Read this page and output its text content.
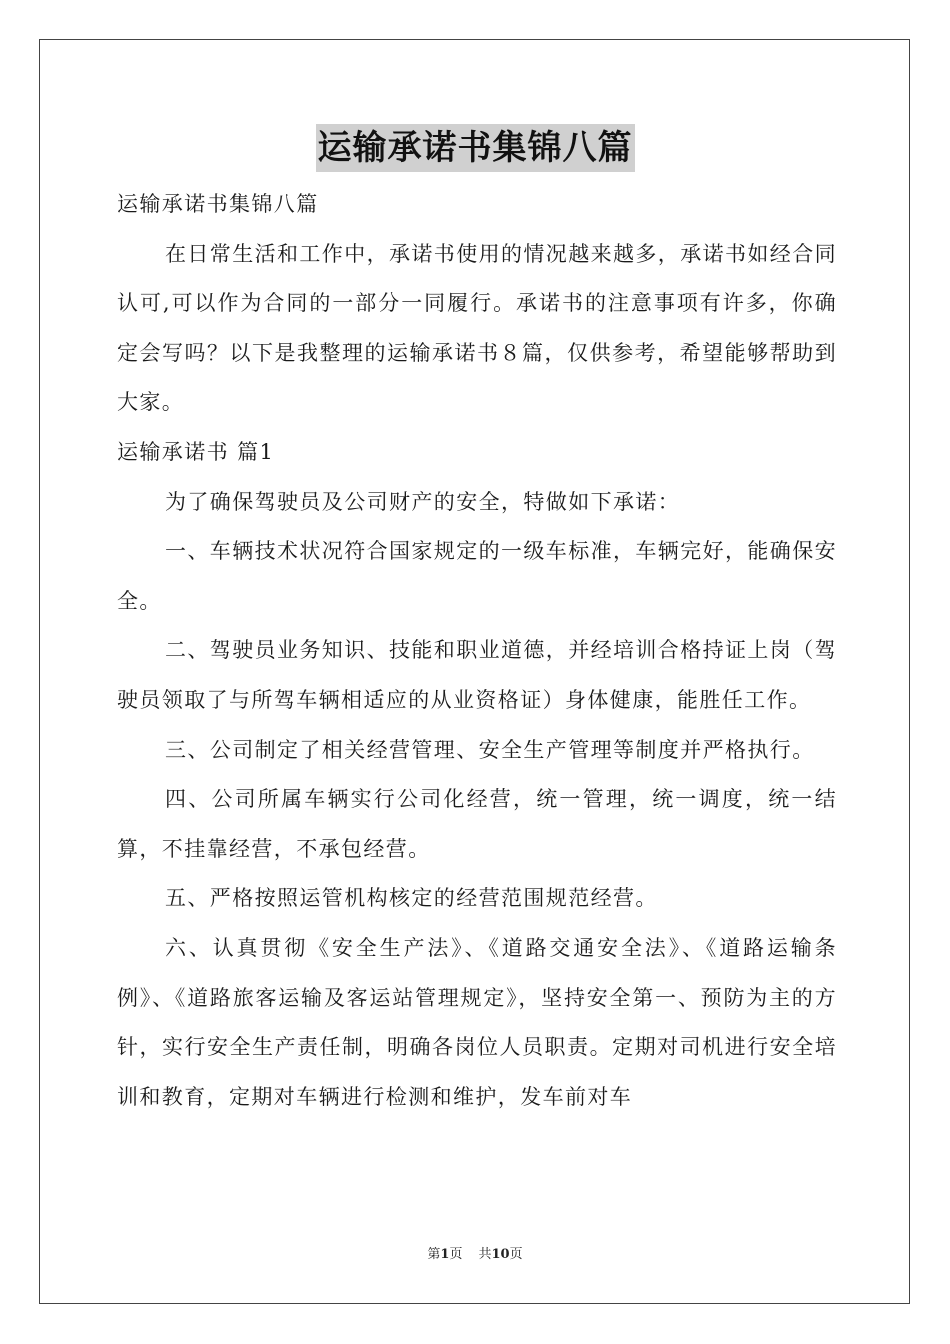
运输承诺书集锦八篇

运输承诺书集锦八篇

在日常生活和工作中，承诺书使用的情况越来越多，承诺书如经合同认可,可以作为合同的一部分一同履行。承诺书的注意事项有许多，你确定会写吗？以下是我整理的运输承诺书８篇，仅供参考，希望能够帮助到大家。

运输承诺书 篇1

为了确保驾驶员及公司财产的安全，特做如下承诺：

一、车辆技术状况符合国家规定的一级车标准，车辆完好，能确保安全。

二、驾驶员业务知识、技能和职业道德，并经培训合格持证上岗（驾驶员领取了与所驾车辆相适应的从业资格证）身体健康，能胜任工作。

三、公司制定了相关经营管理、安全生产管理等制度并严格执行。

四、公司所属车辆实行公司化经营，统一管理，统一调度，统一结算，不挂靠经营，不承包经营。

五、严格按照运管机构核定的经营范围规范经营。

六、认真贯彻《安全生产法》、《道路交通安全法》、《道路运输条例》、《道路旅客运输及客运站管理规定》，坚持安全第一、预防为主的方针，实行安全生产责任制，明确各岗位人员职责。定期对司机进行安全培训和教育，定期对车辆进行检测和维护，发车前对车

第1页 共10页
